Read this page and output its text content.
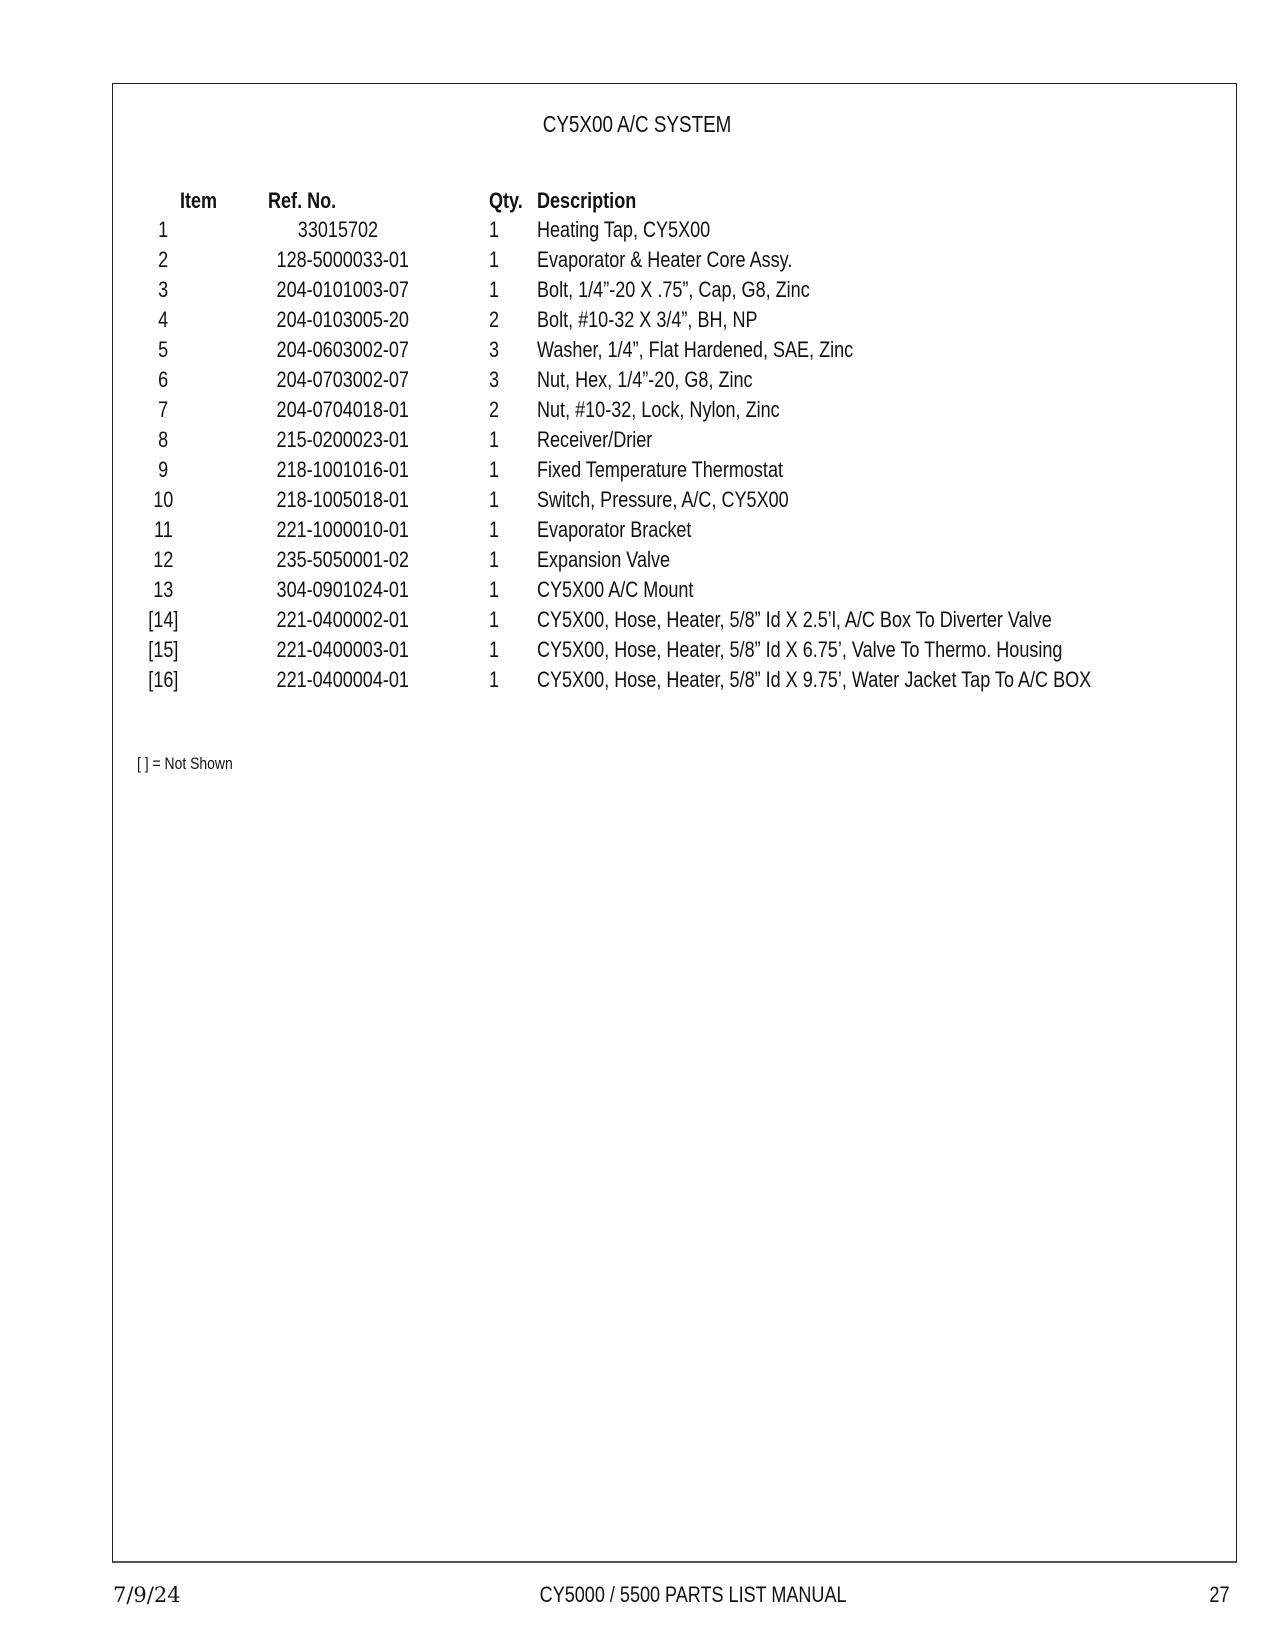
CY5X00 A/C SYSTEM
Item	Ref. No.	Qty. Description
1	33015702	1 Heating Tap, CY5X00
2	128-5000033-01	1 Evaporator & Heater Core Assy.
3	204-0101003-07	1 Bolt, 1/4”-20 X .75”, Cap, G8, Zinc
4	204-0103005-20	2 Bolt, #10-32 X 3/4”, BH, NP
5	204-0603002-07	3 Washer, 1/4”, Flat Hardened, SAE, Zinc
6	204-0703002-07	3 Nut, Hex, 1/4”-20, G8, Zinc
7	204-0704018-01	2 Nut, #10-32, Lock, Nylon, Zinc
8	215-0200023-01	1 Receiver/Drier
9	218-1001016-01	1 Fixed Temperature Thermostat
10	218-1005018-01	1 Switch, Pressure, A/C, CY5X00
11	221-1000010-01	1 Evaporator Bracket
12	235-5050001-02	1 Expansion Valve
13	304-0901024-01	1 CY5X00 A/C Mount
[14]	221-0400002-01	1 CY5X00, Hose, Heater, 5/8” Id X 2.5’l, A/C Box To Diverter Valve
[15]	221-0400003-01	1 CY5X00, Hose, Heater, 5/8” Id X 6.75’, Valve To Thermo. Housing
[16]	221-0400004-01	1 CY5X00, Hose, Heater, 5/8” Id X 9.75’, Water Jacket Tap To A/C BOX
[ ] = Not Shown
7/9/24	CY5000 / 5500 PARTS LIST MANUAL	27
